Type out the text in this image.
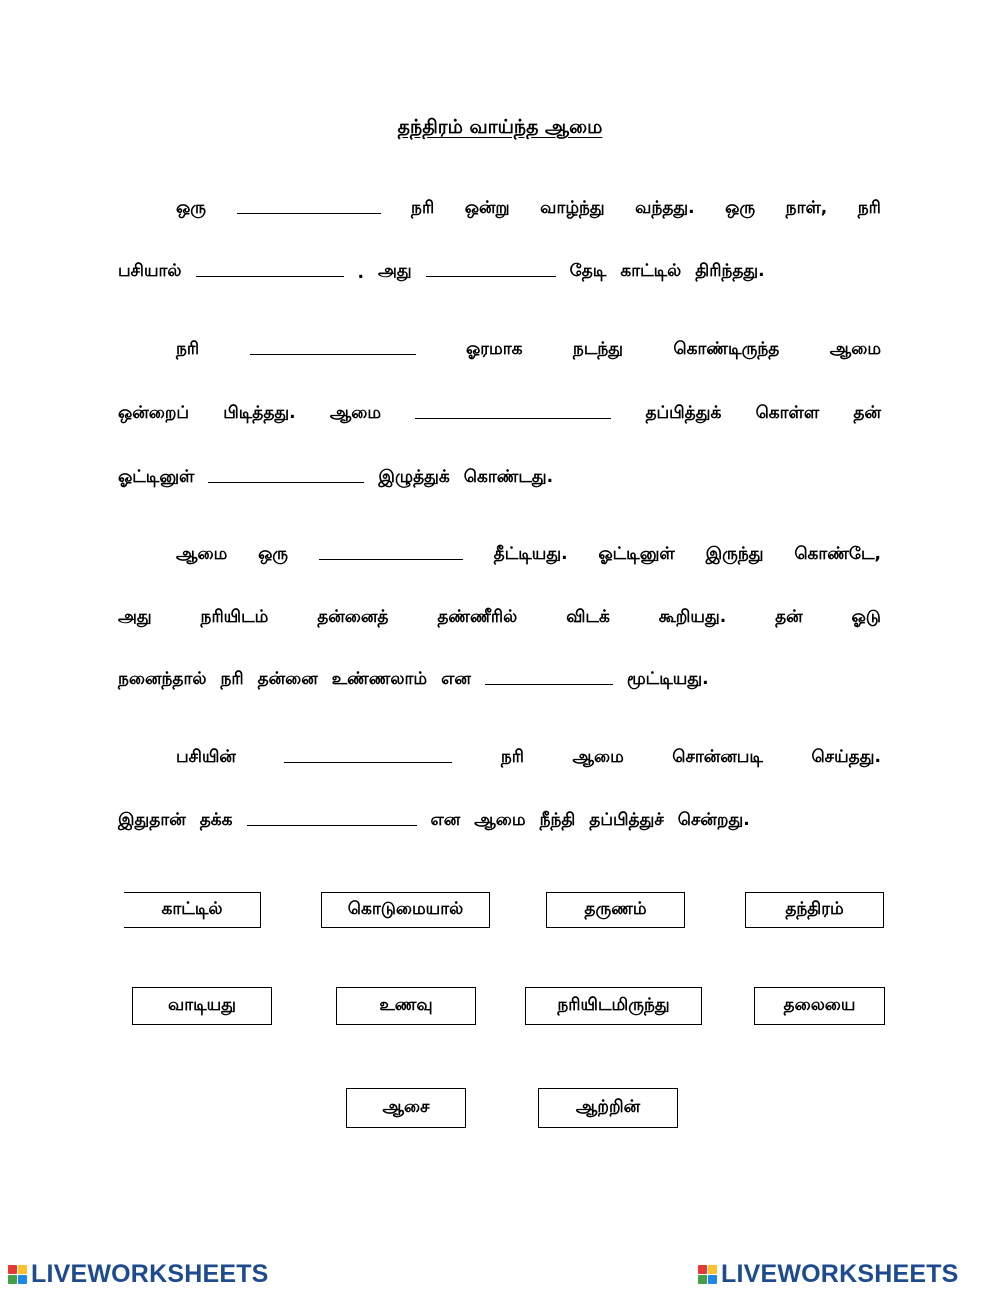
தந்திரம் வாய்ந்த ஆமை
ஒரு	நரி ஒன்று வாழ்ந்து வந்தது. ஒரு நாள், நரி
பசியால்	. அது	தேடி காட்டில் திரிந்தது.
நரி	ஓரமாக	நடந்து	கொண்டிருந்த	ஆமை
ஒன்றைப் பிடித்தது. ஆமை	தப்பித்துக் கொள்ள தன்
ஓட்டினுள்	இழுத்துக் கொண்டது.
ஆமை ஒரு	தீட்டியது. ஓட்டினுள் இருந்து கொண்டே,
அது	நரியிடம்	தன்னைத்	தண்ணீரில்	விடக்	கூறியது.	தன்	ஓடு
நனைந்தால் நரி தன்னை உண்ணலாம் என	மூட்டியது.
பசியின்	நரி	ஆமை	சொன்னபடி	செய்தது.
இதுதான் தக்க	என ஆமை நீந்தி தப்பித்துச் சென்றது.
காட்டில்	கொடுமையால்	தருணம்	தந்திரம்
வாடியது	உணவு	நரியிடமிருந்து	தலையை
ஆசை	ஆற்றின்
LIVEWORKSHEETS	LIVEWORKSHEETS
